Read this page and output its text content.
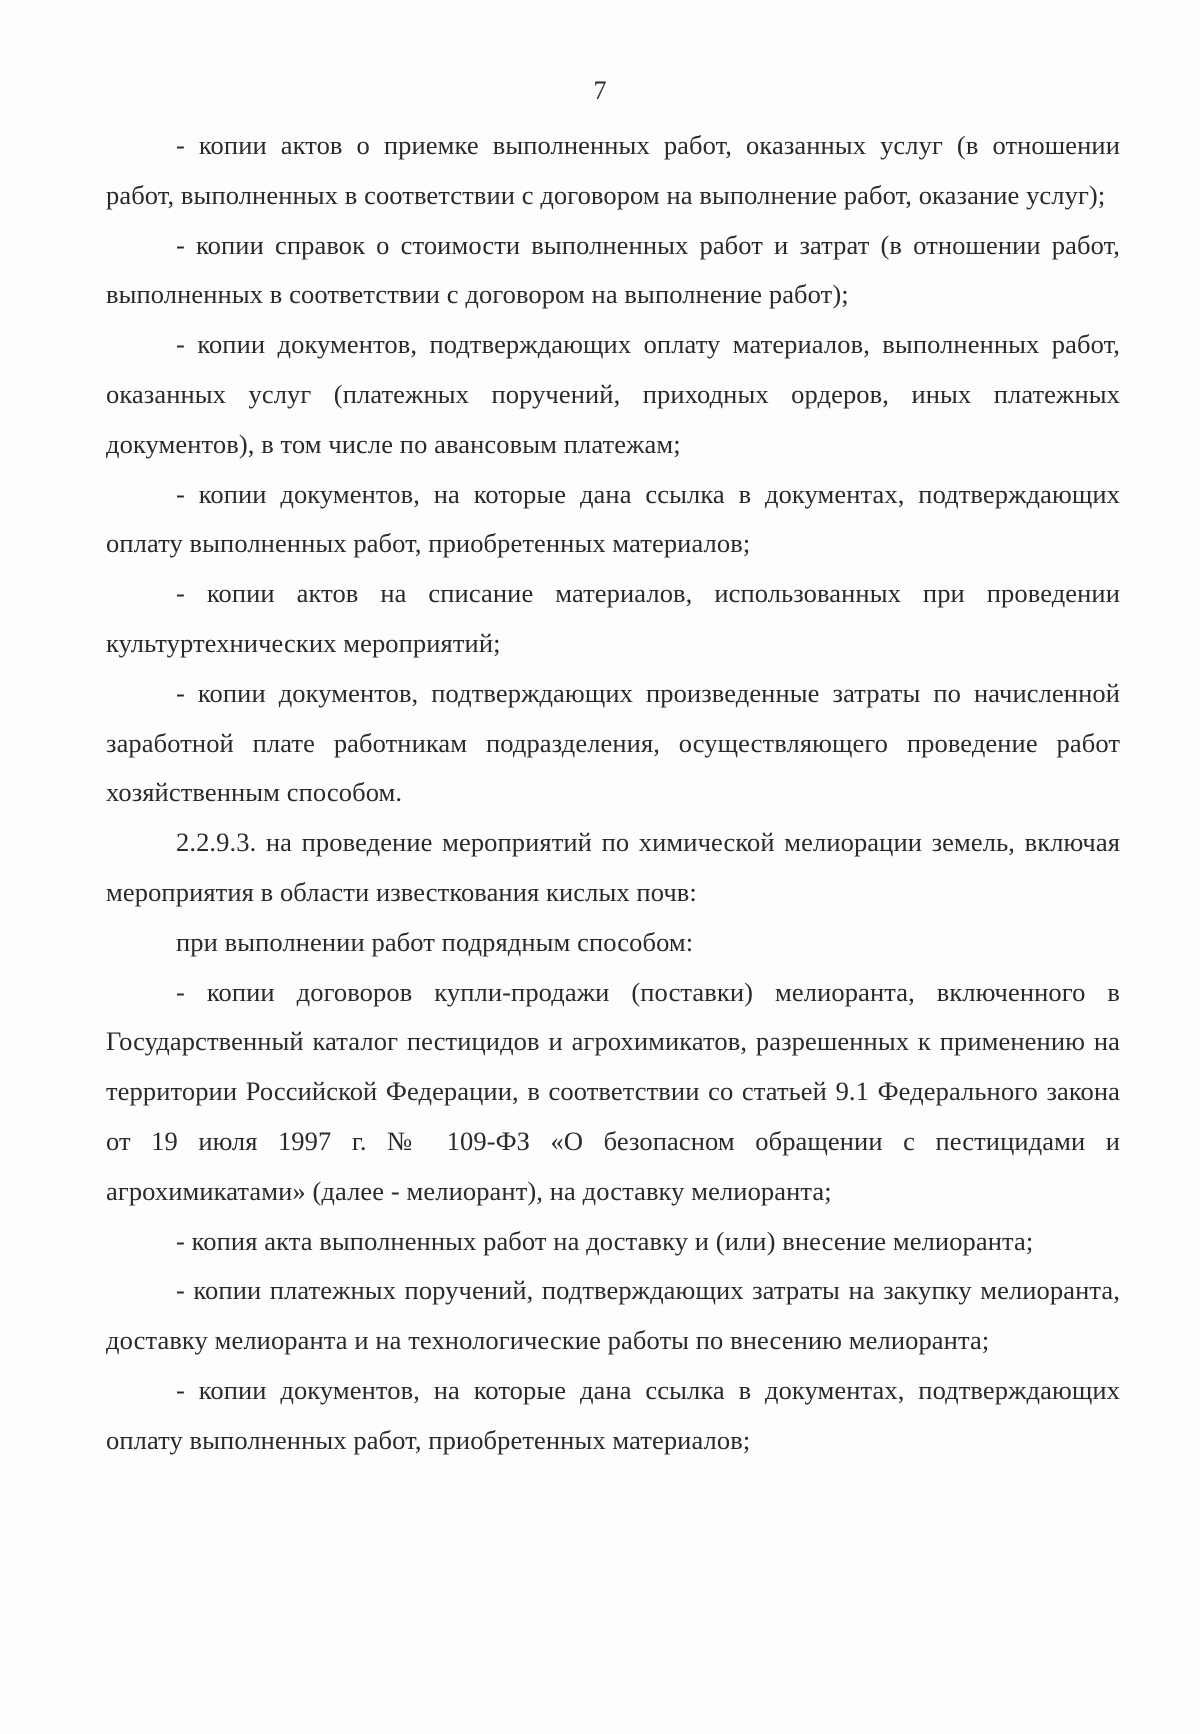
7

- копии актов о приемке выполненных работ, оказанных услуг (в отношении работ, выполненных в соответствии с договором на выполнение работ, оказание услуг);

- копии справок о стоимости выполненных работ и затрат (в отношении работ, выполненных в соответствии с договором на выполнение работ);

- копии документов, подтверждающих оплату материалов, выполненных работ, оказанных услуг (платежных поручений, приходных ордеров, иных платежных документов), в том числе по авансовым платежам;

- копии документов, на которые дана ссылка в документах, подтверждающих оплату выполненных работ, приобретенных материалов;

- копии актов на списание материалов, использованных при проведении культуртехнических мероприятий;

- копии документов, подтверждающих произведенные затраты по начисленной заработной плате работникам подразделения, осуществляющего проведение работ хозяйственным способом.

2.2.9.3. на проведение мероприятий по химической мелиорации земель, включая мероприятия в области известкования кислых почв:

при выполнении работ подрядным способом:

- копии договоров купли-продажи (поставки) мелиоранта, включенного в Государственный каталог пестицидов и агрохимикатов, разрешенных к применению на территории Российской Федерации, в соответствии со статьей 9.1 Федерального закона от 19 июля 1997 г. № 109-ФЗ «О безопасном обращении с пестицидами и агрохимикатами» (далее - мелиорант), на доставку мелиоранта;

- копия акта выполненных работ на доставку и (или) внесение мелиоранта;

- копии платежных поручений, подтверждающих затраты на закупку мелиоранта, доставку мелиоранта и на технологические работы по внесению мелиоранта;

- копии документов, на которые дана ссылка в документах, подтверждающих оплату выполненных работ, приобретенных материалов;
